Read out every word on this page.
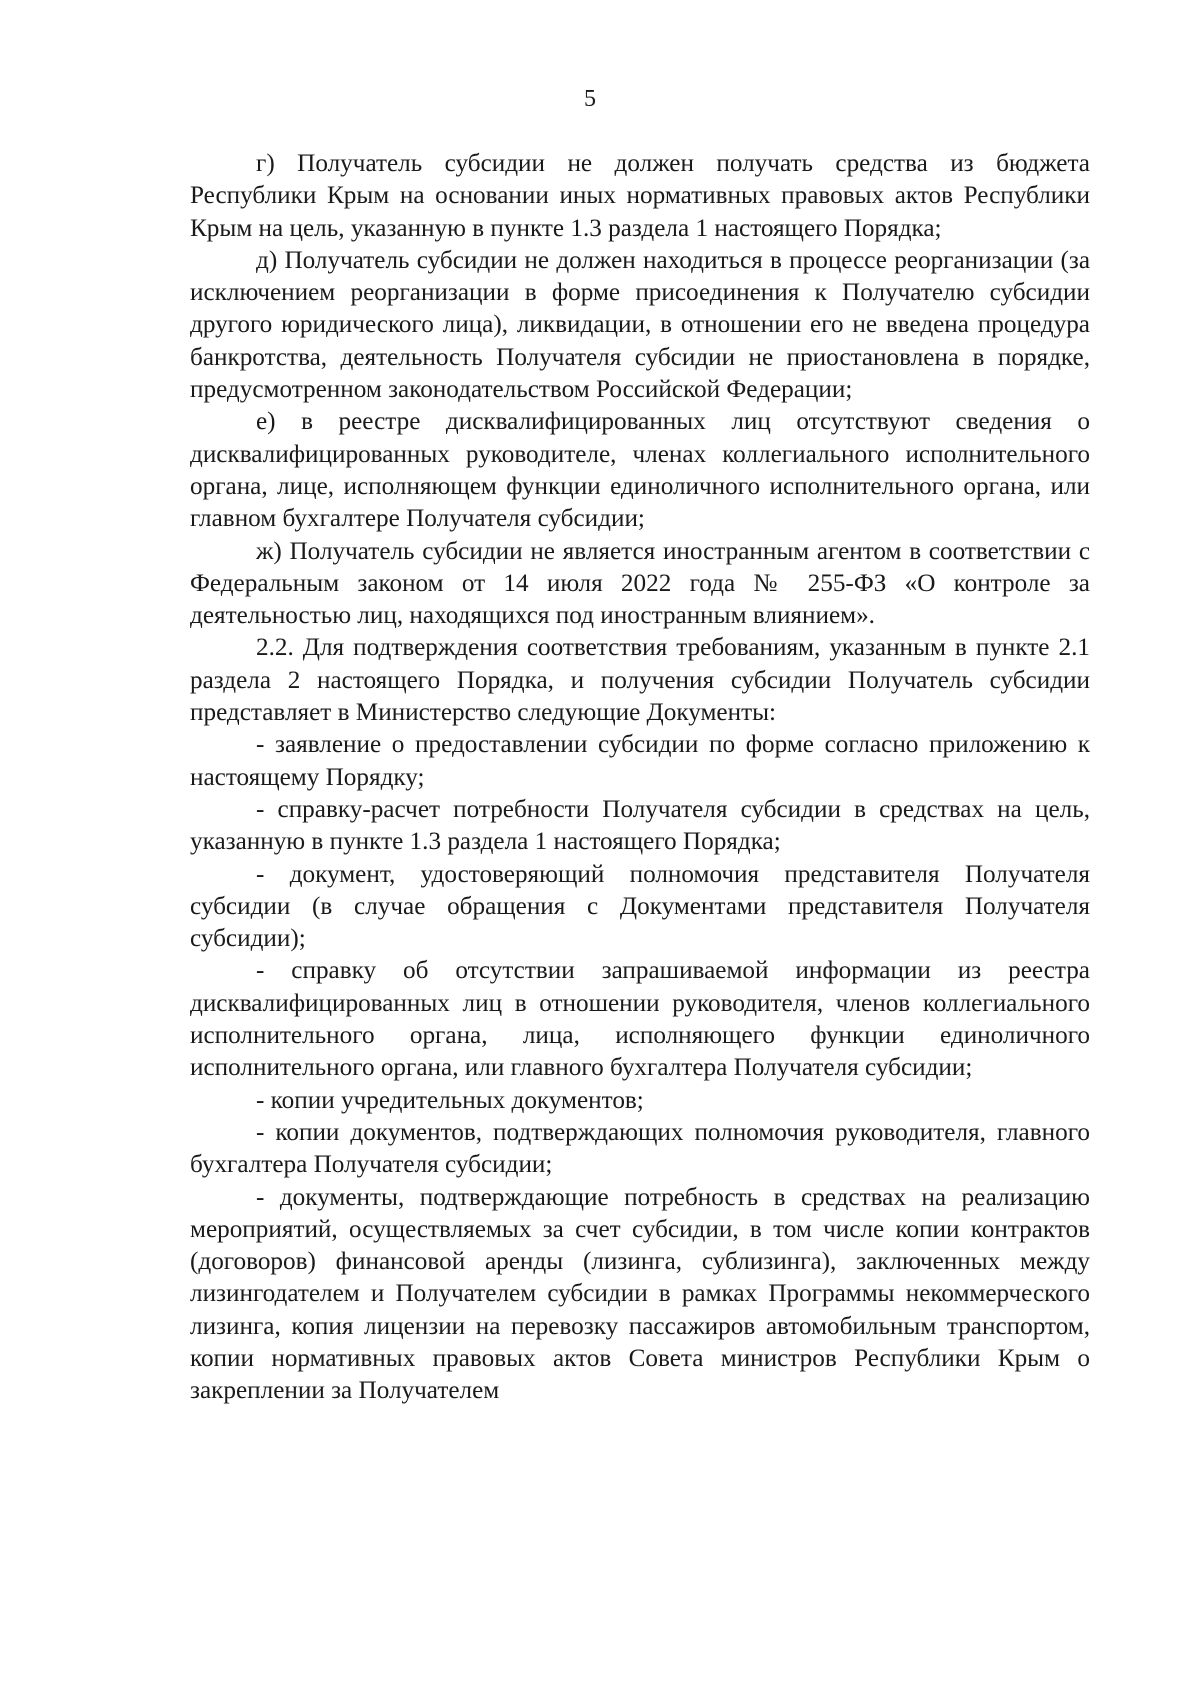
5

г) Получатель субсидии не должен получать средства из бюджета Республики Крым на основании иных нормативных правовых актов Республики Крым на цель, указанную в пункте 1.3 раздела 1 настоящего Порядка;

д) Получатель субсидии не должен находиться в процессе реорганизации (за исключением реорганизации в форме присоединения к Получателю субсидии другого юридического лица), ликвидации, в отношении его не введена процедура банкротства, деятельность Получателя субсидии не приостановлена в порядке, предусмотренном законодательством Российской Федерации;

е) в реестре дисквалифицированных лиц отсутствуют сведения о дисквалифицированных руководителе, членах коллегиального исполнительного органа, лице, исполняющем функции единоличного исполнительного органа, или главном бухгалтере Получателя субсидии;

ж) Получатель субсидии не является иностранным агентом в соответствии с Федеральным законом от 14 июля 2022 года № 255-ФЗ «О контроле за деятельностью лиц, находящихся под иностранным влиянием».

2.2. Для подтверждения соответствия требованиям, указанным в пункте 2.1 раздела 2 настоящего Порядка, и получения субсидии Получатель субсидии представляет в Министерство следующие Документы:

- заявление о предоставлении субсидии по форме согласно приложению к настоящему Порядку;

- справку-расчет потребности Получателя субсидии в средствах на цель, указанную в пункте 1.3 раздела 1 настоящего Порядка;

- документ, удостоверяющий полномочия представителя Получателя субсидии (в случае обращения с Документами представителя Получателя субсидии);

- справку об отсутствии запрашиваемой информации из реестра дисквалифицированных лиц в отношении руководителя, членов коллегиального исполнительного органа, лица, исполняющего функции единоличного исполнительного органа, или главного бухгалтера Получателя субсидии;

- копии учредительных документов;

- копии документов, подтверждающих полномочия руководителя, главного бухгалтера Получателя субсидии;

- документы, подтверждающие потребность в средствах на реализацию мероприятий, осуществляемых за счет субсидии, в том числе копии контрактов (договоров) финансовой аренды (лизинга, сублизинга), заключенных между лизингодателем и Получателем субсидии в рамках Программы некоммерческого лизинга, копия лицензии на перевозку пассажиров автомобильным транспортом, копии нормативных правовых актов Совета министров Республики Крым о закреплении за Получателем
